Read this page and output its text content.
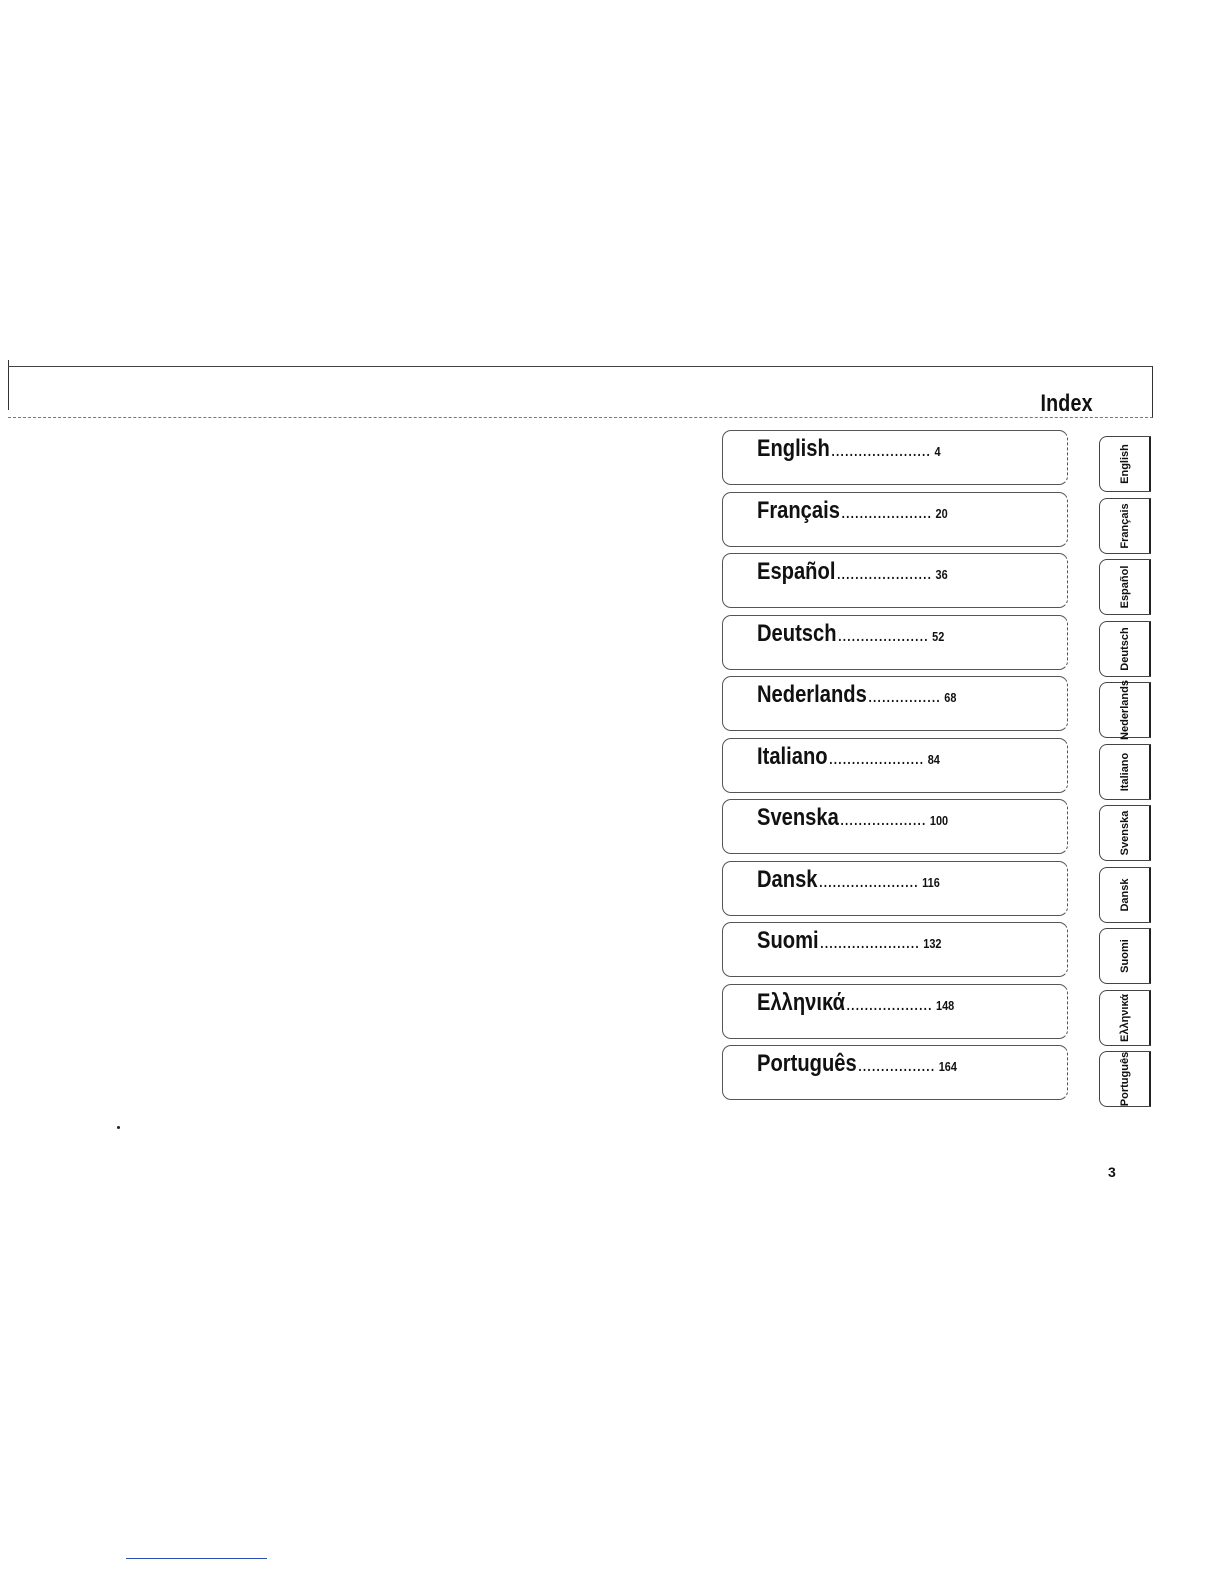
Index
English ...................... 4
Français .................... 20
Español ..................... 36
Deutsch .................... 52
Nederlands ................ 68
Italiano ..................... 84
Svenska ................... 100
Dansk ...................... 116
Suomi ...................... 132
Ελληνικά ................... 148
Português ................. 164
English
Français
Español
Deutsch
Nederlands
Italiano
Svenska
Dansk
Suomi
Ελληνικά
Português
3
